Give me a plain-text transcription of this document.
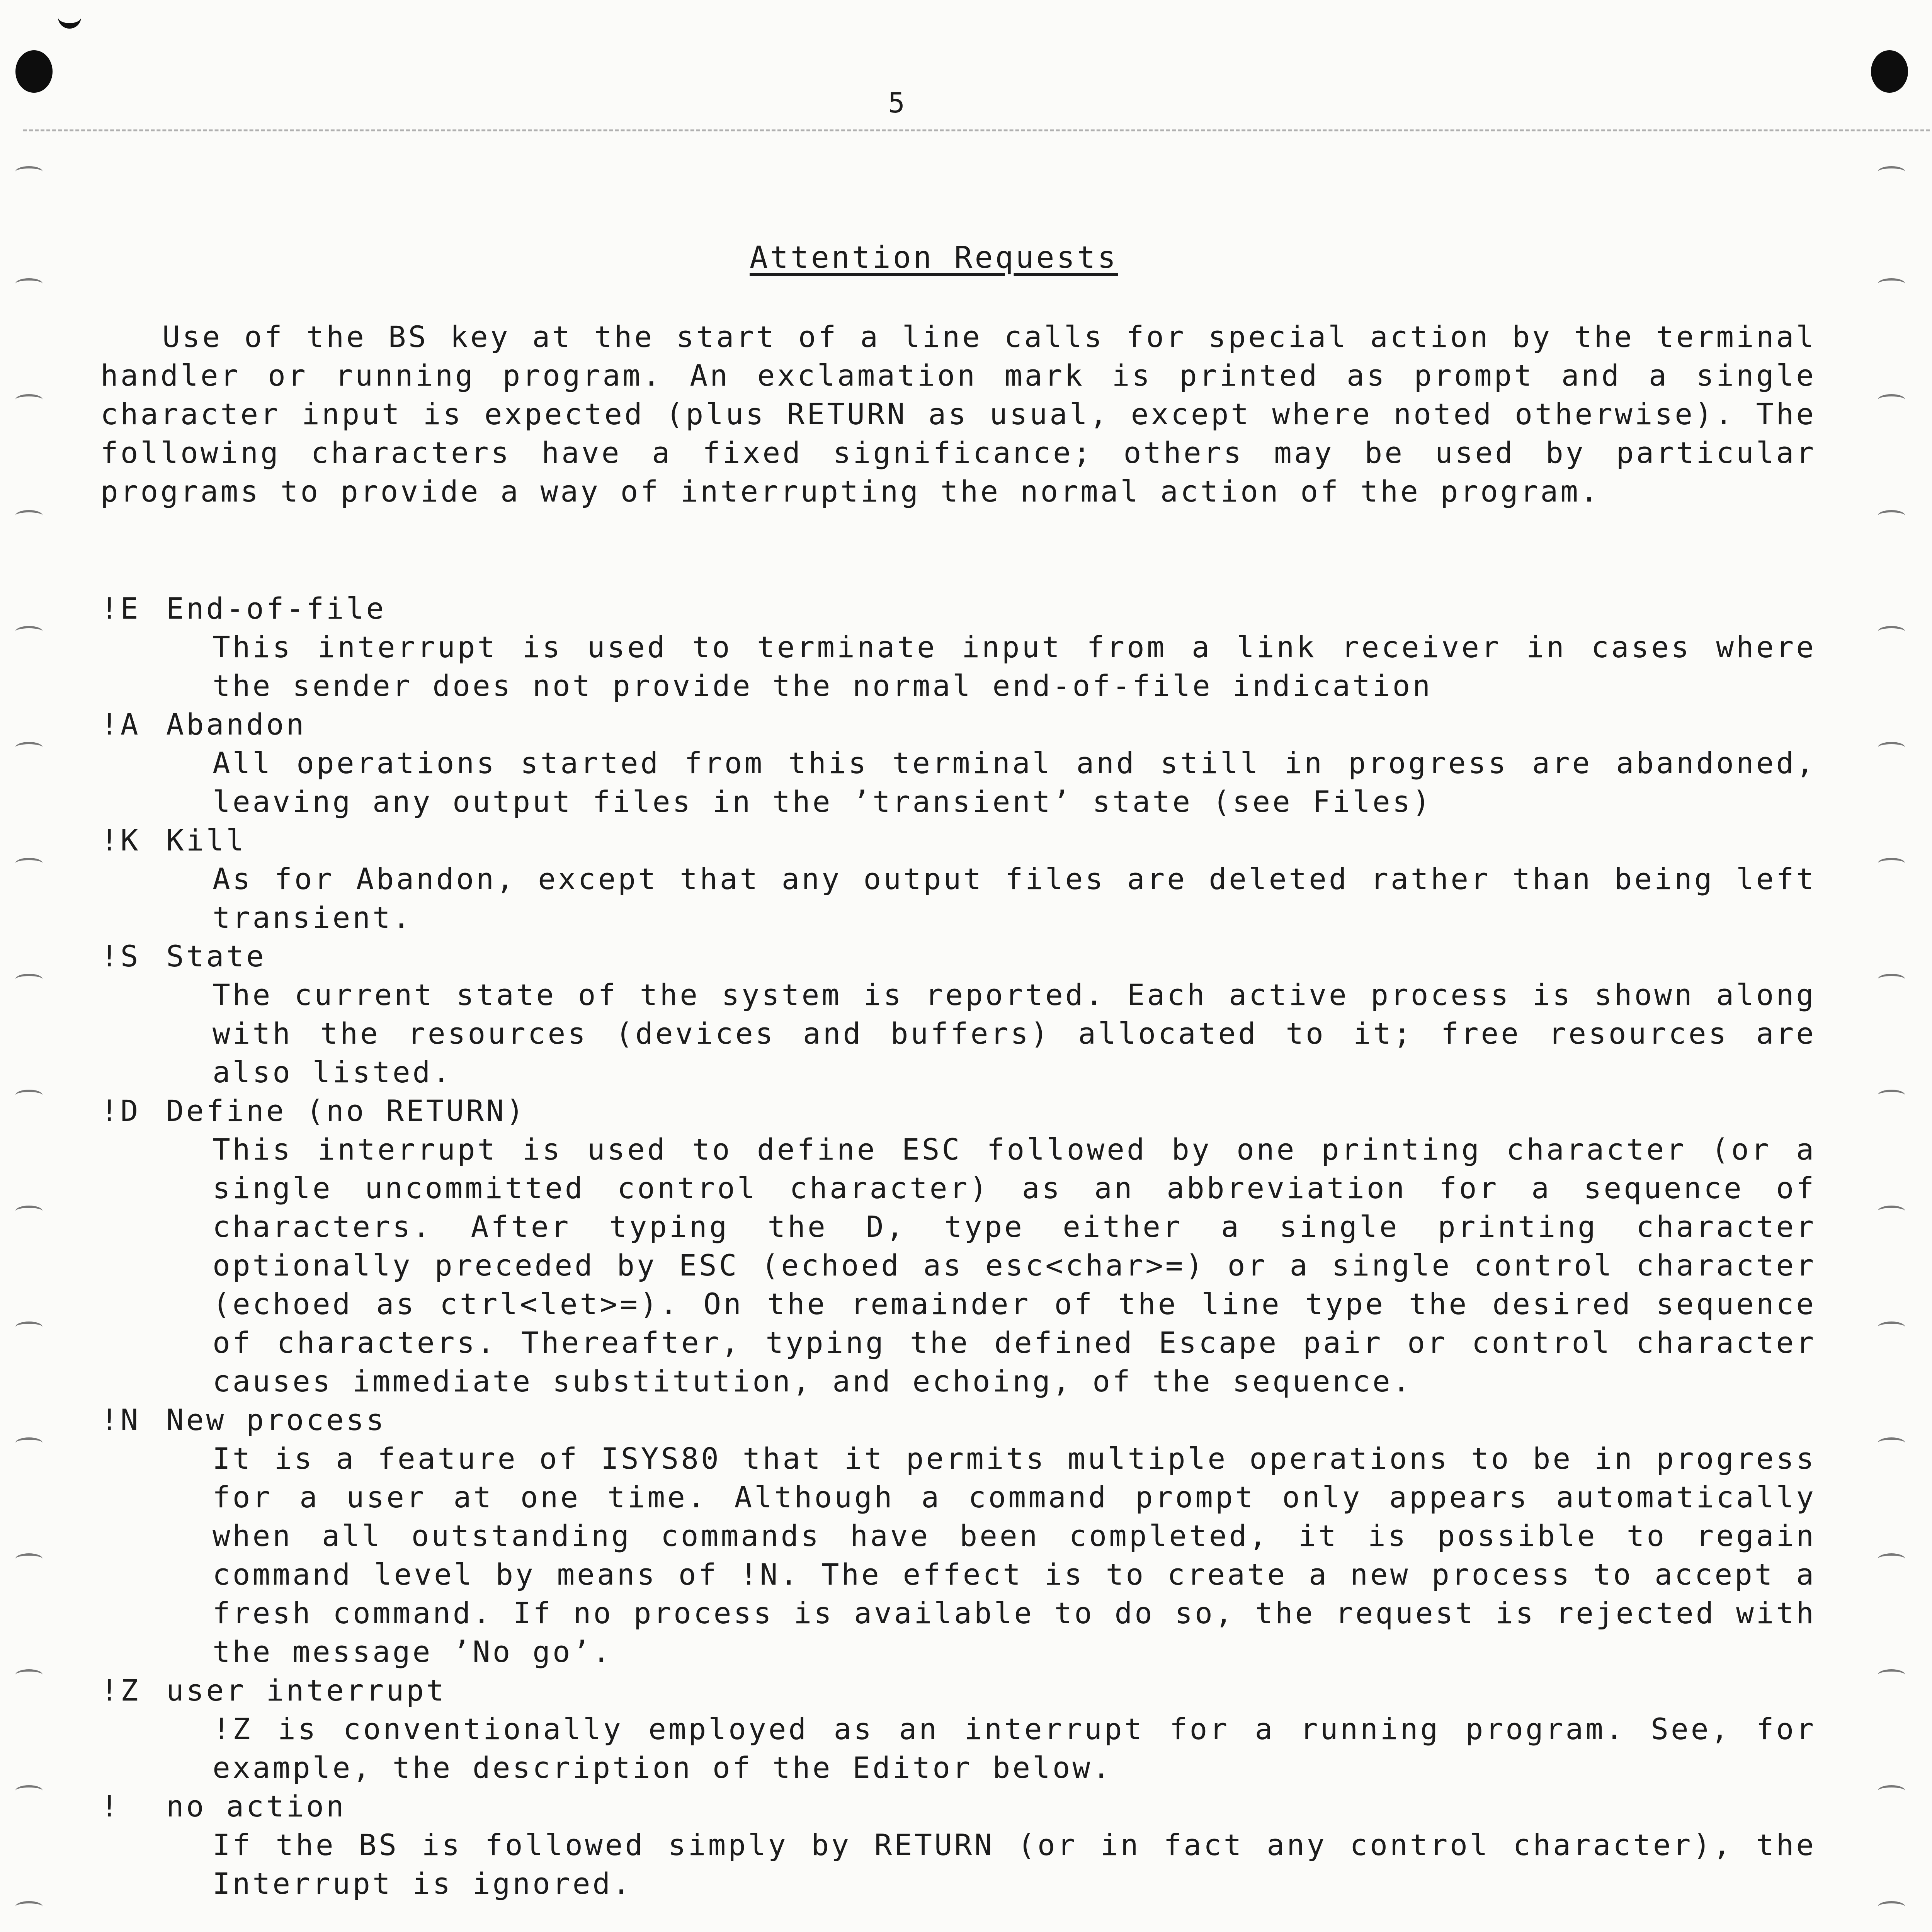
5
Attention Requests

Use of the BS key at the start of a line calls for special action by the terminal handler or running program. An exclamation mark is printed as prompt and a single character input is expected (plus RETURN as usual, except where noted otherwise). The following characters have a fixed significance; others may be used by particular programs to provide a way of interrupting the normal action of the program.

!E End-of-file
This interrupt is used to terminate input from a link receiver in cases where the sender does not provide the normal end-of-file indication
!A Abandon
All operations started from this terminal and still in progress are abandoned, leaving any output files in the ’transient’ state (see Files)
!K Kill
As for Abandon, except that any output files are deleted rather than being left transient.
!S State
The current state of the system is reported. Each active process is shown along with the resources (devices and buffers) allocated to it; free resources are also listed.
!D Define (no RETURN)
This interrupt is used to define ESC followed by one printing character (or a single uncommitted control character) as an abbreviation for a sequence of characters. After typing the D, type either a single printing character optionally preceded by ESC (echoed as esc<char>=) or a single control character (echoed as ctrl<let>=). On the remainder of the line type the desired sequence of characters. Thereafter, typing the defined Escape pair or control character causes immediate substitution, and echoing, of the sequence.
!N New process
It is a feature of ISYS80 that it permits multiple operations to be in progress for a user at one time. Although a command prompt only appears automatically when all outstanding commands have been completed, it is possible to regain command level by means of !N. The effect is to create a new process to accept a fresh command. If no process is available to do so, the request is rejected with the message ’No go’.
!Z user interrupt
!Z is conventionally employed as an interrupt for a running program. See, for example, the description of the Editor below.
! no action
If the BS is followed simply by RETURN (or in fact any control character), the Interrupt is ignored.
